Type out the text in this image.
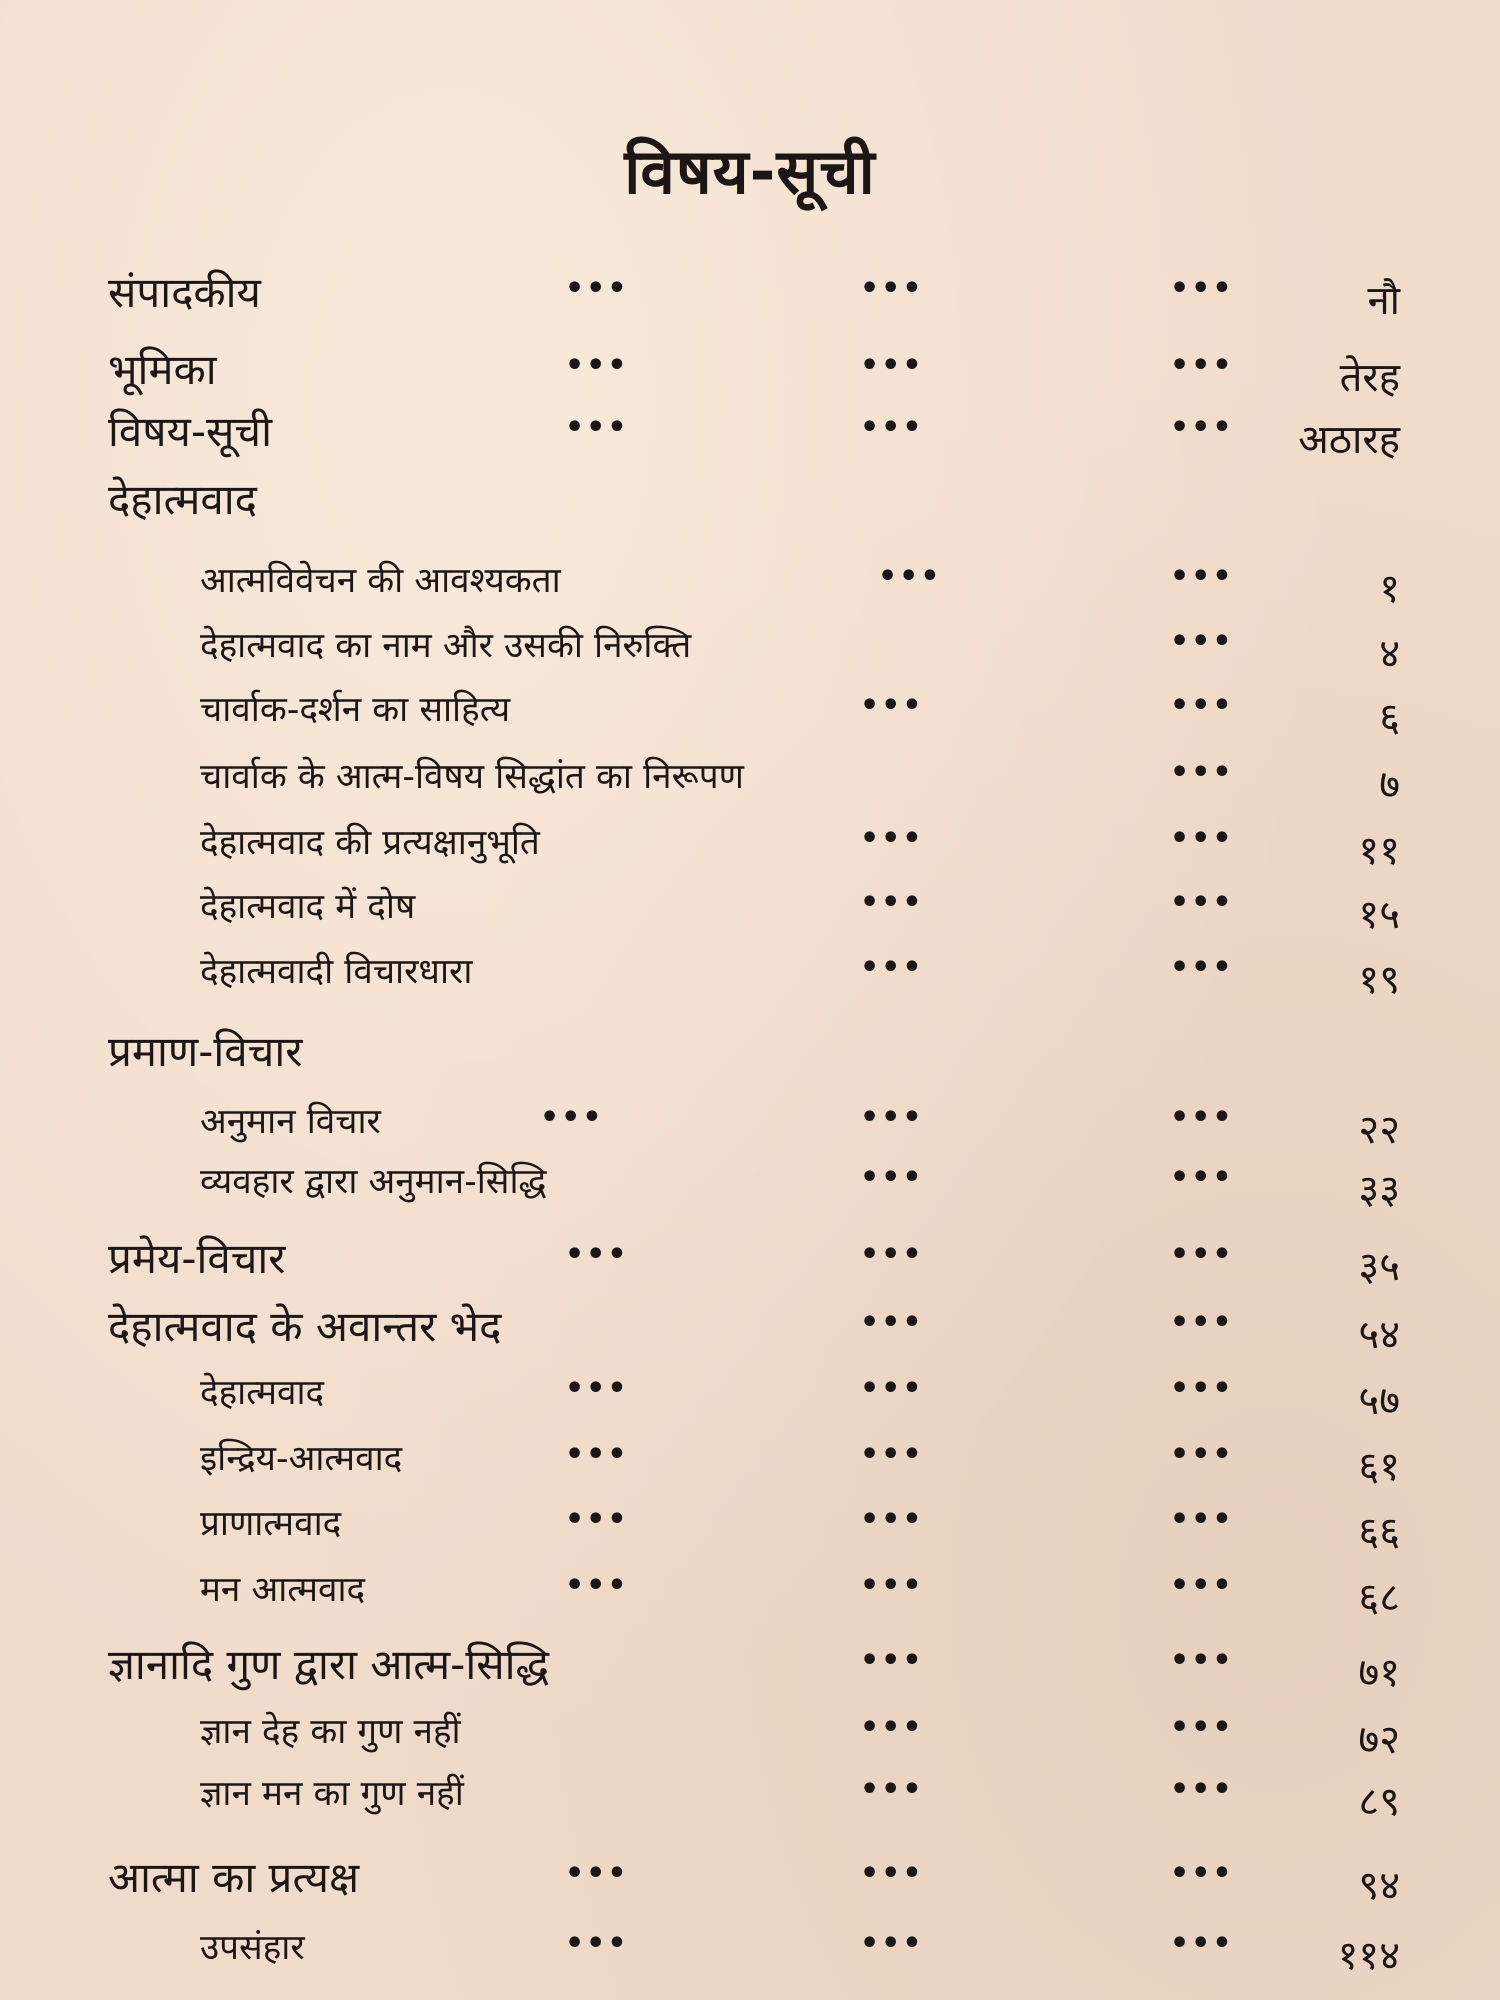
विषय-सूची
संपादकीय	•••	•••	•••	नौ
भूमिका	•••	•••	•••	तेरह
विषय-सूची	•••	•••	••• अठारह
देहात्मवाद
आत्मविवेचन की आवश्यकता	•••	•••	१
देहात्मवाद का नाम और उसकी निरुक्ति	•••	४
चार्वाक-दर्शन का साहित्य	•••	•••	६
चार्वाक के आत्म-विषय सिद्धांत का निरूपण	•••	७
देहात्मवाद की प्रत्यक्षानुभूति	•••	•••	११
देहात्मवाद में दोष	•••	•••	१५
देहात्मवादी विचारधारा	•••	•••	१९
प्रमाण-विचार
अनुमान विचार	•••	•••	•••	२२
व्यवहार द्वारा अनुमान-सिद्धि	•••	•••	३३
प्रमेय-विचार	•••	•••	•••	३५
देहात्मवाद के अवान्तर भेद	•••	•••	५४
देहात्मवाद	•••	•••	•••	५७
इन्द्रिय-आत्मवाद	•••	•••	•••	६१
प्राणात्मवाद	•••	•••	•••	६६
मन आत्मवाद	•••	•••	•••	६८
ज्ञानादि गुण द्वारा आत्म-सिद्धि	•••	•••	७१
ज्ञान देह का गुण नहीं	•••	•••	७२
ज्ञान मन का गुण नहीं	•••	•••	८९
आत्मा का प्रत्यक्ष	•••	•••	•••	९४
उपसंहार	•••	•••	•••	११४
